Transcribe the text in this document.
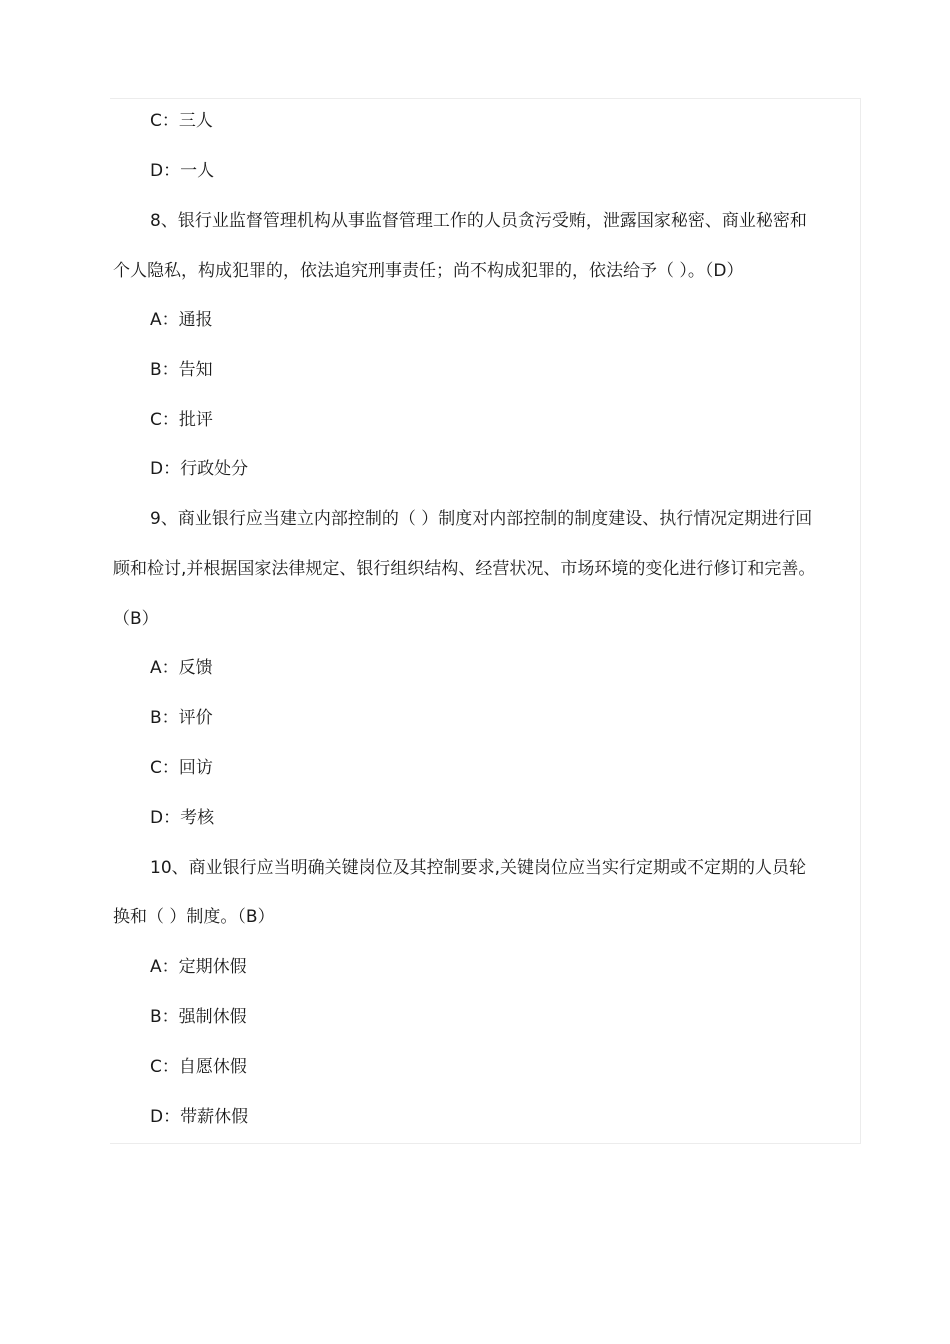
C：三人
D：一人
8、银行业监督管理机构从事监督管理工作的人员贪污受贿，泄露国家秘密、商业秘密和
个人隐私，构成犯罪的，依法追究刑事责任；尚不构成犯罪的，依法给予（ ）。（D）
A：通报
B：告知
C：批评
D：行政处分
9、商业银行应当建立内部控制的（ ）制度对内部控制的制度建设、执行情况定期进行回
顾和检讨,并根据国家法律规定、银行组织结构、经营状况、市场环境的变化进行修订和完善。
（B）
A：反馈
B：评价
C：回访
D：考核
10、商业银行应当明确关键岗位及其控制要求,关键岗位应当实行定期或不定期的人员轮
换和（ ）制度。（B）
A：定期休假
B：强制休假
C：自愿休假
D：带薪休假
